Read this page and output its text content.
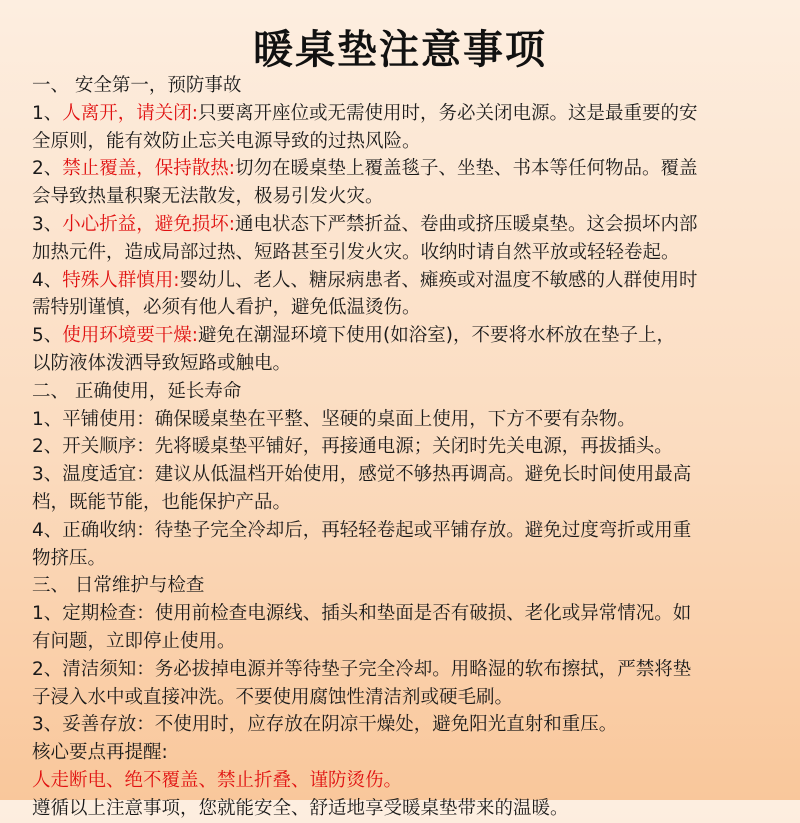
暖桌垫注意事项
一、 安全第一，预防事故
1、人离开，请关闭:只要离开座位或无需使用时，务必关闭电源。这是最重要的安
全原则，能有效防止忘关电源导致的过热风险。
2、禁止覆盖，保持散热:切勿在暖桌垫上覆盖毯子、坐垫、书本等任何物品。覆盖
会导致热量积聚无法散发，极易引发火灾。
3、小心折益，避免损坏:通电状态下严禁折益、卷曲或挤压暖桌垫。这会损坏内部
加热元件，造成局部过热、短路甚至引发火灾。收纳时请自然平放或轻轻卷起。
4、特殊人群慎用:婴幼儿、老人、糖尿病患者、瘫痪或对温度不敏感的人群使用时
需特别谨慎，必须有他人看护，避免低温烫伤。
5、使用环境要干燥:避免在潮湿环境下使用(如浴室)，不要将水杯放在垫子上，
以防液体泼洒导致短路或触电。
二、 正确使用，延长寿命
1、平铺使用：确保暖桌垫在平整、坚硬的桌面上使用，下方不要有杂物。
2、开关顺序：先将暖桌垫平铺好，再接通电源；关闭时先关电源，再拔插头。
3、温度适宜：建议从低温档开始使用，感觉不够热再调高。避免长时间使用最高
档，既能节能，也能保护产品。
4、正确收纳：待垫子完全冷却后，再轻轻卷起或平铺存放。避免过度弯折或用重
物挤压。
三、 日常维护与检查
1、定期检查：使用前检查电源线、插头和垫面是否有破损、老化或异常情况。如
有问题，立即停止使用。
2、清洁须知：务必拔掉电源并等待垫子完全冷却。用略湿的软布擦拭，严禁将垫
子浸入水中或直接冲洗。不要使用腐蚀性清洁剂或硬毛刷。
3、妥善存放：不使用时，应存放在阴凉干燥处，避免阳光直射和重压。
核心要点再提醒:
人走断电、绝不覆盖、禁止折叠、谨防烫伤。
遵循以上注意事项，您就能安全、舒适地享受暖桌垫带来的温暖。
